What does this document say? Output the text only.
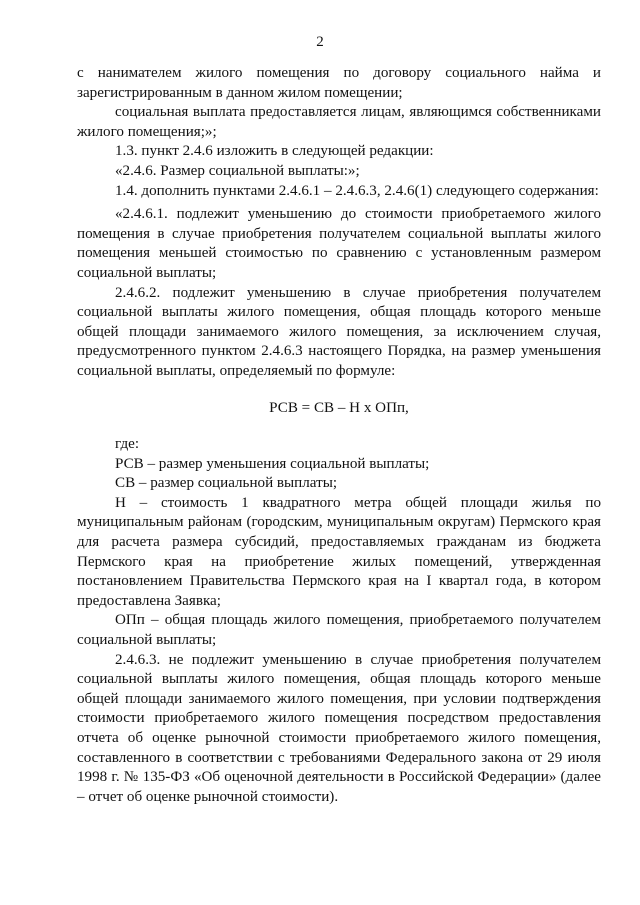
2

с нанимателем жилого помещения по договору социального найма и зарегистрированным в данном жилом помещении;

социальная выплата предоставляется лицам, являющимся собственниками жилого помещения;»;

1.3. пункт 2.4.6 изложить в следующей редакции:

«2.4.6. Размер социальной выплаты:»;

1.4. дополнить пунктами 2.4.6.1 – 2.4.6.3, 2.4.6(1) следующего содержания:

«2.4.6.1. подлежит уменьшению до стоимости приобретаемого жилого помещения в случае приобретения получателем социальной выплаты жилого помещения меньшей стоимостью по сравнению с установленным размером социальной выплаты;

2.4.6.2. подлежит уменьшению в случае приобретения получателем социальной выплаты жилого помещения, общая площадь которого меньше общей площади занимаемого жилого помещения, за исключением случая, предусмотренного пунктом 2.4.6.3 настоящего Порядка, на размер уменьшения социальной выплаты, определяемый по формуле:

РСВ = СВ – Н х ОПп,

где:

РСВ – размер уменьшения социальной выплаты;

СВ – размер социальной выплаты;

Н – стоимость 1 квадратного метра общей площади жилья по муниципальным районам (городским, муниципальным округам) Пермского края для расчета размера субсидий, предоставляемых гражданам из бюджета Пермского края на приобретение жилых помещений, утвержденная постановлением Правительства Пермского края на I квартал года, в котором предоставлена Заявка;

ОПп – общая площадь жилого помещения, приобретаемого получателем социальной выплаты;

2.4.6.3. не подлежит уменьшению в случае приобретения получателем социальной выплаты жилого помещения, общая площадь которого меньше общей площади занимаемого жилого помещения, при условии подтверждения стоимости приобретаемого жилого помещения посредством предоставления отчета об оценке рыночной стоимости приобретаемого жилого помещения, составленного в соответствии с требованиями Федерального закона от 29 июля 1998 г. № 135-ФЗ «Об оценочной деятельности в Российской Федерации» (далее – отчет об оценке рыночной стоимости).
